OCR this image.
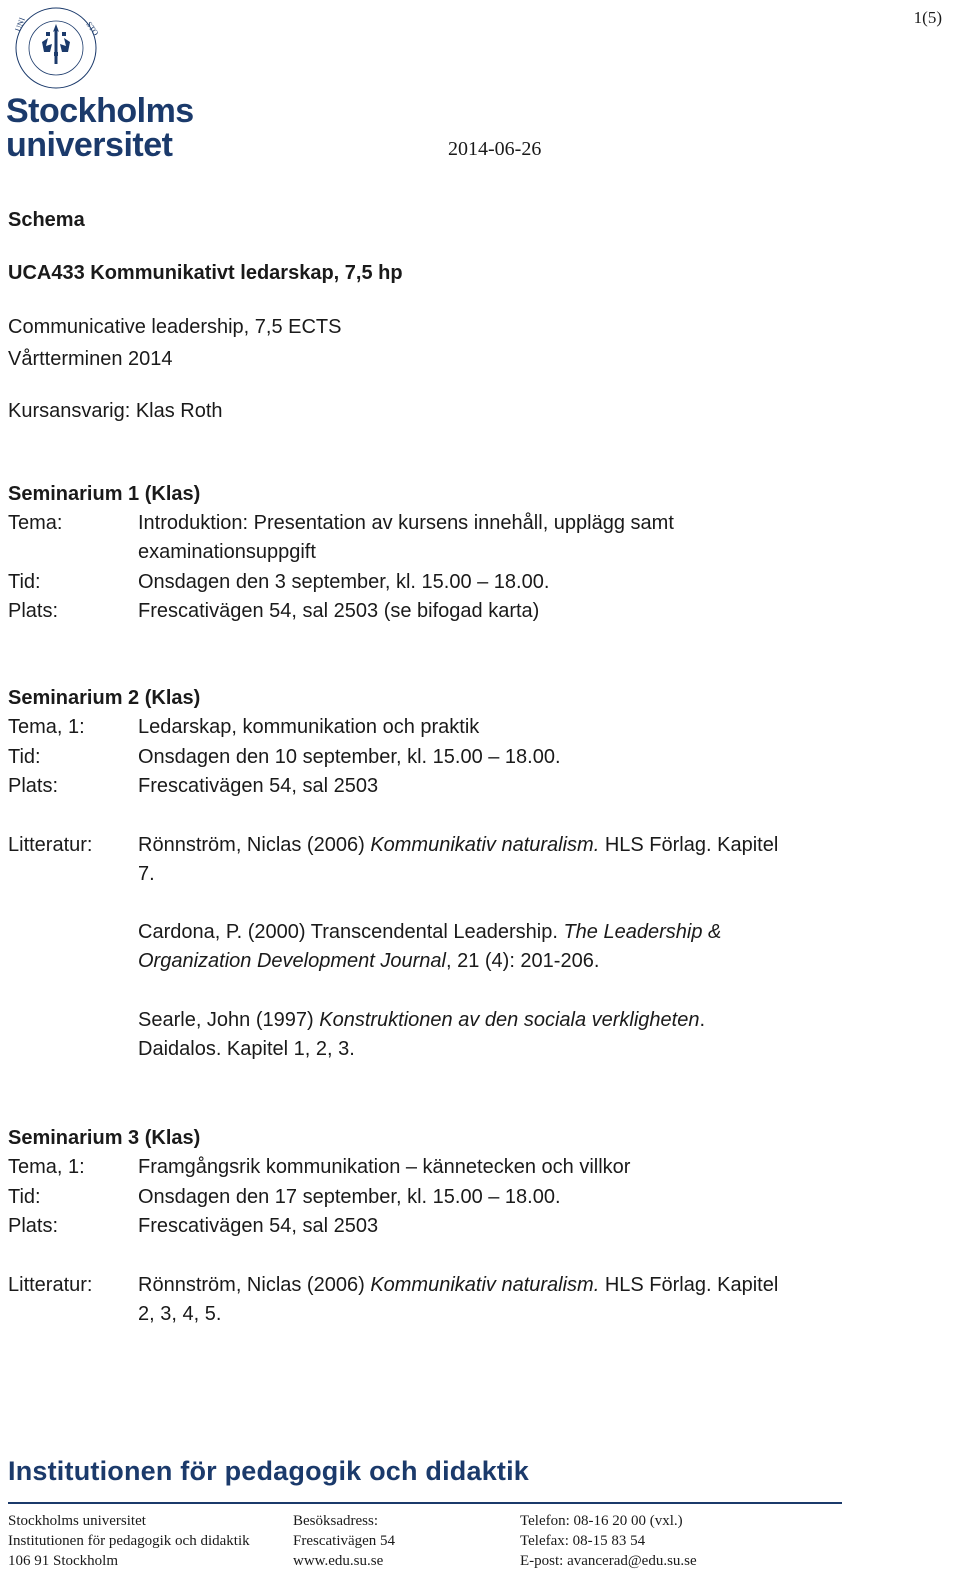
1(5)
UNI	STO
Stockholms
universitet	2014-06-26
Schema
UCA433 Kommunikativt ledarskap, 7,5 hp
Communicative leadership, 7,5 ECTS
Vårtterminen 2014
Kursansvarig: Klas Roth
Seminarium 1 (Klas)
Tema:	Introduktion: Presentation av kursens innehåll, upplägg samt
examinationsuppgift
Tid:	Onsdagen den 3 september, kl. 15.00 – 18.00.
Plats:	Frescativägen 54, sal 2503 (se bifogad karta)
Seminarium 2 (Klas)
Tema, 1:	Ledarskap, kommunikation och praktik
Tid:	Onsdagen den 10 september, kl. 15.00 – 18.00.
Plats:	Frescativägen 54, sal 2503
Litteratur: Rönnström, Niclas (2006) Kommunikativ naturalism. HLS Förlag. Kapitel
7.
Cardona, P. (2000) Transcendental Leadership. The Leadership &
Organization Development Journal, 21 (4): 201-206.
Searle, John (1997) Konstruktionen av den sociala verkligheten.
Daidalos. Kapitel 1, 2, 3.
Seminarium 3 (Klas)
Tema, 1:	Framgångsrik kommunikation – kännetecken och villkor
Tid:	Onsdagen den 17 september, kl. 15.00 – 18.00.
Plats:	Frescativägen 54, sal 2503
Litteratur: Rönnström, Niclas (2006) Kommunikativ naturalism. HLS Förlag. Kapitel
2, 3, 4, 5.
Institutionen för pedagogik och didaktik
Stockholms universitet
Institutionen för pedagogik och didaktik
106 91 Stockholm
Besöksadress:
Frescativägen 54
www.edu.su.se
Telefon: 08-16 20 00 (vxl.)
Telefax: 08-15 83 54
E-post: avancerad@edu.su.se
